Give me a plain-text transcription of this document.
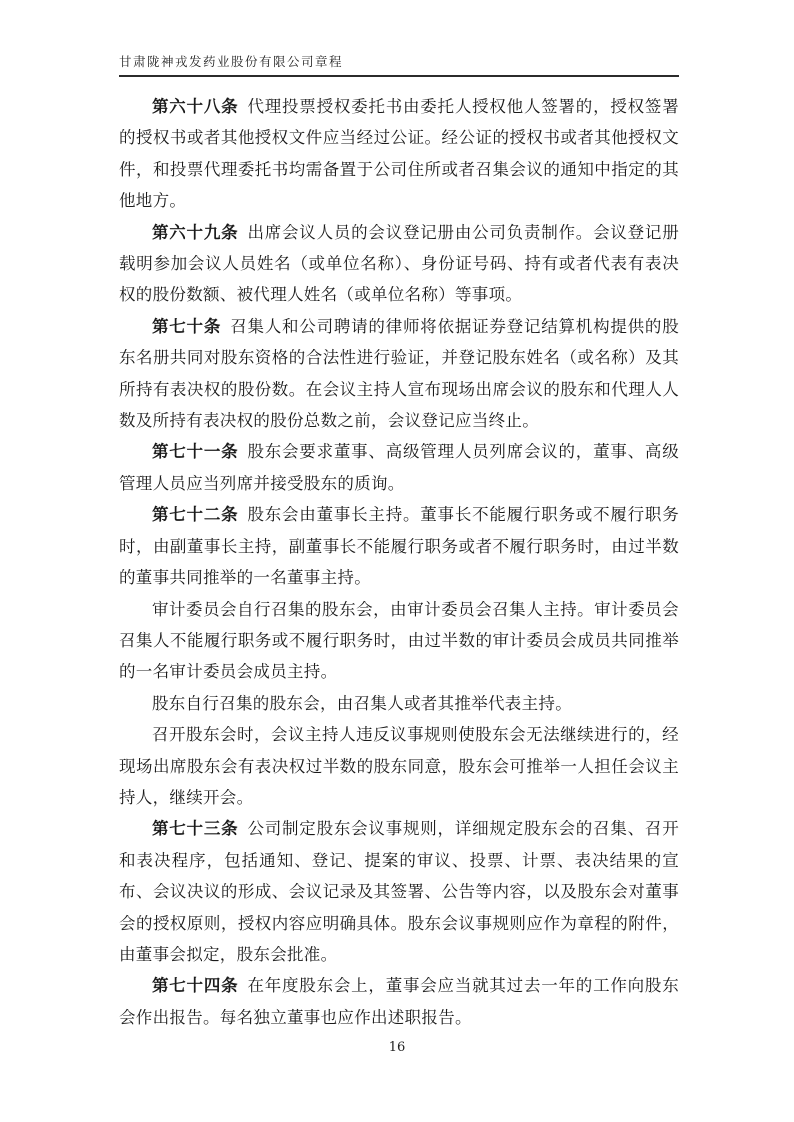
甘肃陇神戎发药业股份有限公司章程

第六十八条 代理投票授权委托书由委托人授权他人签署的，授权签署的授权书或者其他授权文件应当经过公证。经公证的授权书或者其他授权文件，和投票代理委托书均需备置于公司住所或者召集会议的通知中指定的其他地方。

第六十九条 出席会议人员的会议登记册由公司负责制作。会议登记册载明参加会议人员姓名（或单位名称）、身份证号码、持有或者代表有表决权的股份数额、被代理人姓名（或单位名称）等事项。

第七十条 召集人和公司聘请的律师将依据证券登记结算机构提供的股东名册共同对股东资格的合法性进行验证，并登记股东姓名（或名称）及其所持有表决权的股份数。在会议主持人宣布现场出席会议的股东和代理人人数及所持有表决权的股份总数之前，会议登记应当终止。

第七十一条 股东会要求董事、高级管理人员列席会议的，董事、高级管理人员应当列席并接受股东的质询。

第七十二条 股东会由董事长主持。董事长不能履行职务或不履行职务时，由副董事长主持，副董事长不能履行职务或者不履行职务时，由过半数的董事共同推举的一名董事主持。

审计委员会自行召集的股东会，由审计委员会召集人主持。审计委员会召集人不能履行职务或不履行职务时，由过半数的审计委员会成员共同推举的一名审计委员会成员主持。

股东自行召集的股东会，由召集人或者其推举代表主持。

召开股东会时，会议主持人违反议事规则使股东会无法继续进行的，经现场出席股东会有表决权过半数的股东同意，股东会可推举一人担任会议主持人，继续开会。

第七十三条 公司制定股东会议事规则，详细规定股东会的召集、召开和表决程序，包括通知、登记、提案的审议、投票、计票、表决结果的宣布、会议决议的形成、会议记录及其签署、公告等内容，以及股东会对董事会的授权原则，授权内容应明确具体。股东会议事规则应作为章程的附件，由董事会拟定，股东会批准。

第七十四条 在年度股东会上，董事会应当就其过去一年的工作向股东会作出报告。每名独立董事也应作出述职报告。

16
